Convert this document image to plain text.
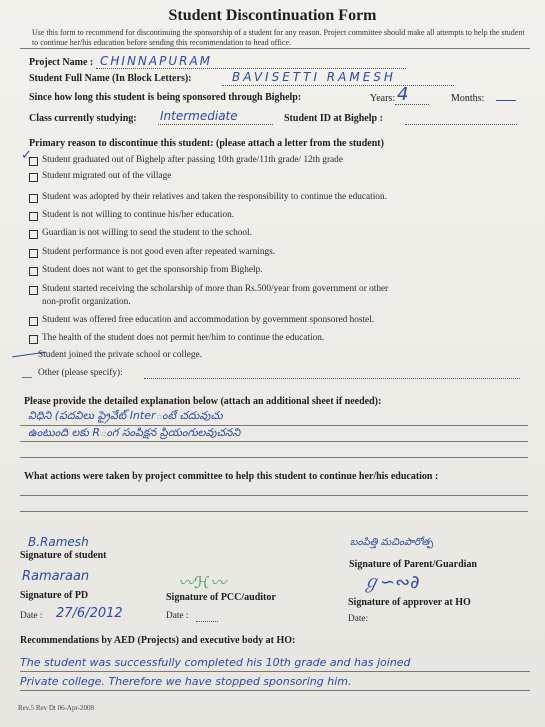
Student Discontinuation Form
Use this form to recommend for discontinuing the sponsorship of a student for any reason. Project committee should make all attempts to help the student to continue her/his education before sending this recommendation to head office.
Project Name : CHINNAPURAM
Student Full Name (In Block Letters):	BAVISETTI RAMESH
Since how long this student is being sponsored through Bighelp:	Years: 4	Months:
Class currently studying: Intermediate	Student ID at Bighelp :
Primary reason to discontinue this student: (please attach a letter from the student)
✓ Student graduated out of Bighelp after passing 10th grade/11th grade/ 12th grade
Student migrated out of the village
Student was adopted by their relatives and taken the responsibility to continue the education.
Student is not willing to continue his/her education.
Guardian is not willing to send the student to the school.
Student performance is not good even after repeated warnings.
Student does not want to get the sponsorship from Bighelp.
Student started receiving the scholarship of more than Rs.500/year from government or other
non-profit organization.
Student was offered free education and accommodation by government sponsored hostel.
The health of the student does not permit her/him to continue the education.
Student joined the private school or college.
Other (please specify):
Please provide the detailed explanation below (attach an additional sheet if needed):
విధిని (పదవిలు ప్రైవేట్ Interంటే చదువుచు
ఉంటుంది లకు Rంగ సంపిక్షన ప్రియంగులవుచనని
What actions were taken by project committee to help this student to continue her/his education :
B.Ramesh
Signature of student
బంపిత్తి మచింపారోత్ప
Signature of Parent/Guardian
Ramaraan
Signature of PD
Date : 27/6/2012
〰ℋ〰
Signature of PCC/auditor
Date :
ℊ∽∾∂
Signature of approver at HO
Date:
Recommendations by AED (Projects) and executive body at HO:
The student was successfully completed his 10th grade and has joined
Private college. Therefore we have stopped sponsoring him.
Rev.5 Rev Dt 06-Apr-2008
